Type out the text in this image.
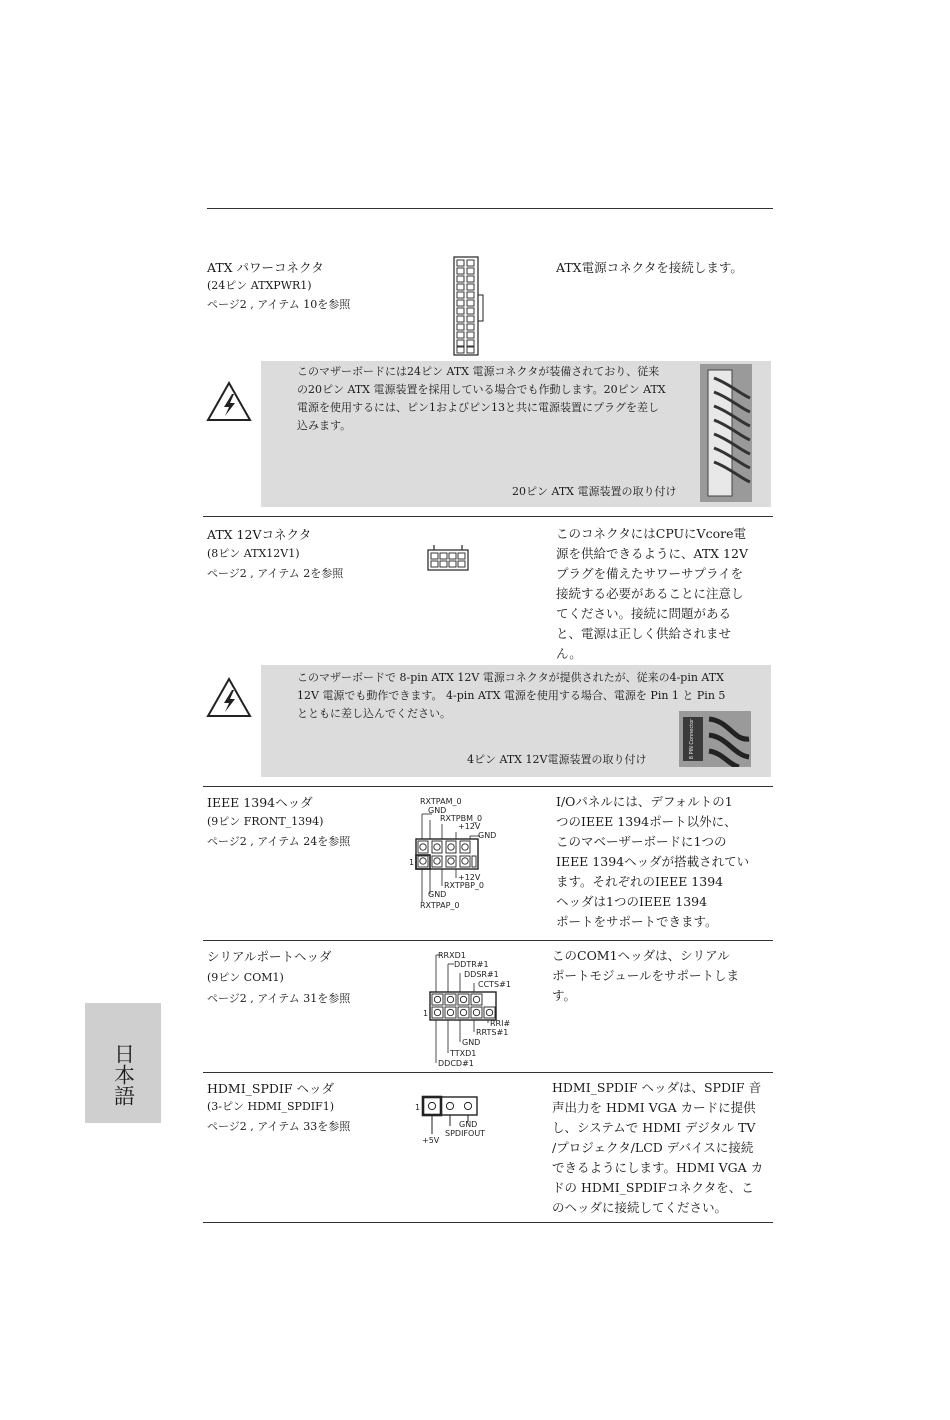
ATX パワーコネクタ
(24ピン ATXPWR1)
ページ2 , アイテム 10を参照
ATX電源コネクタを接続します。
このマザーボードには24ピン ATX 電源コネクタが装備されており、従来
の20ピン ATX 電源装置を採用している場合でも作動します。20ピン ATX
電源を使用するには、ピン1およびピン13と共に電源装置にプラグを差し
込みます。
20ピン ATX 電源装置の取り付け
ATX 12Vコネクタ
(8ピン ATX12V1)
ページ2 , アイテム 2を参照
このコネクタにはCPUにVcore電
源を供給できるように、ATX 12V
プラグを備えたサワーサプライを
接続する必要があることに注意し
てください。接続に問題がある
と、電源は正しく供給されませ
ん。
このマザーボードで 8-pin ATX 12V 電源コネクタが提供されたが、従来の4-pin ATX
12V 電源でも動作できます。 4-pin ATX 電源を使用する場合、電源を Pin 1 と Pin 5
とともに差し込んでください。
4ピン ATX 12V電源装置の取り付け
8 PIN Connector
IEEE 1394ヘッダ
(9ピン FRONT_1394)
ページ2 , アイテム 24を参照
RXTPAM_0
GND
RXTPBM_0
+12V
GND
+12V
RXTPBP_0
GND
RXTPAP_0
1
I/Oパネルには、デフォルトの1
つのIEEE 1394ポート以外に、
このマベーザーボードに1つの
IEEE 1394ヘッダが搭載されてい
ます。それぞれのIEEE 1394
ヘッダは1つのIEEE 1394
ポートをサポートできます。
シリアルポートヘッダ
(9ピン COM1)
ページ2 , アイテム 31を参照
RRXD1
DDTR#1
DDSR#1
CCTS#1
RRI#
RRTS#1
GND
TTXD1
DDCD#1
1
このCOM1ヘッダは、シリアル
ポートモジュールをサポートしま
す。
HDMI_SPDIF ヘッダ
(3-ピン HDMI_SPDIF1)
ページ2 , アイテム 33を参照
1
GND
SPDIFOUT
+5V
HDMI_SPDIF ヘッダは、SPDIF 音
声出力を HDMI VGA カードに提供
し、システムで HDMI デジタル TV
/プロジェクタ/LCD デバイスに接続
できるようにします。HDMI VGA カ
ドの HDMI_SPDIFコネクタを、こ
のヘッダに接続してください。
日本語
